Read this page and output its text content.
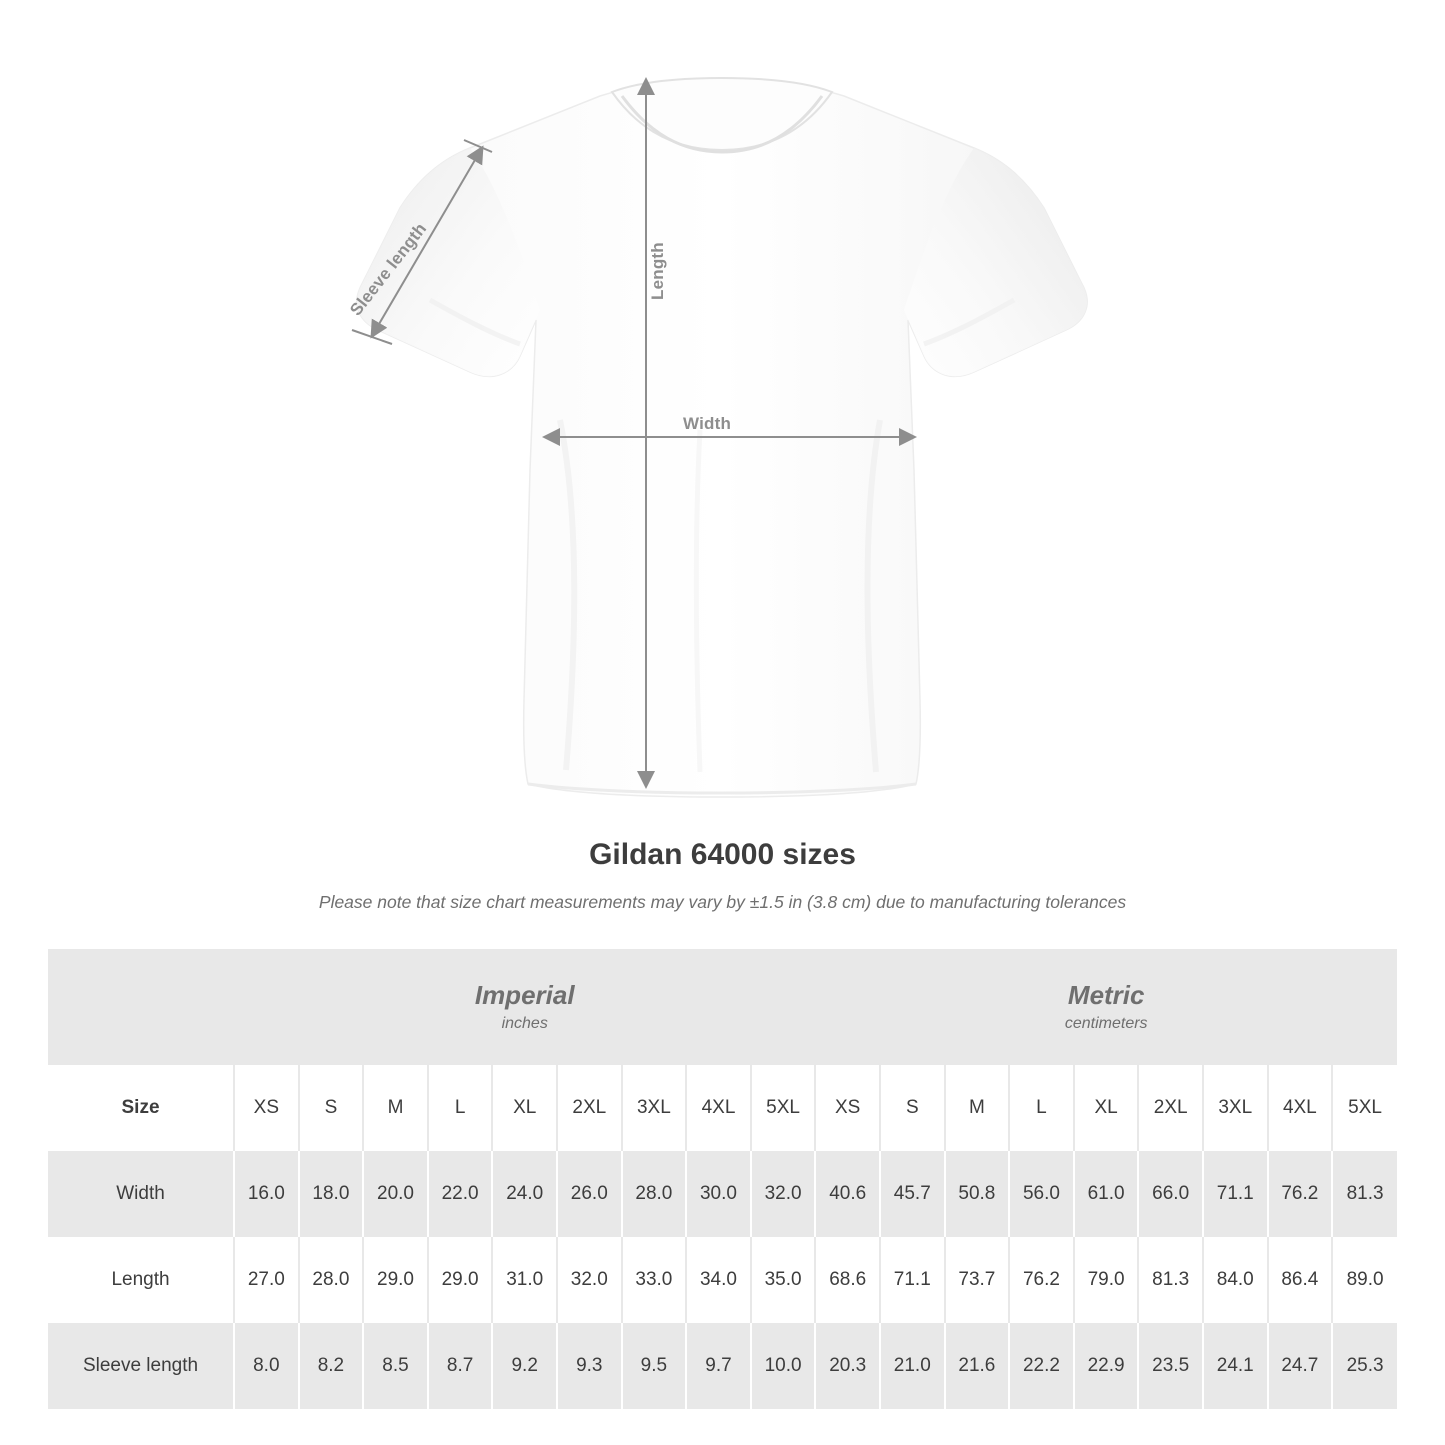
Sleeve length	Length
Width
Gildan 64000 sizes
Please note that size chart measurements may vary by ±1.5 in (3.8 cm) due to manufacturing tolerances

Imperial
inches

Metric
centimeters

Size	XS	S	M	L	XL	2XL	3XL	4XL	5XL	XS	S	M	L	XL	2XL	3XL	4XL	5XL
Width	16.0	18.0	20.0	22.0	24.0	26.0	28.0	30.0	32.0	40.6	45.7	50.8	56.0	61.0	66.0	71.1	76.2	81.3
Length	27.0	28.0	29.0	29.0	31.0	32.0	33.0	34.0	35.0	68.6	71.1	73.7	76.2	79.0	81.3	84.0	86.4	89.0
Sleeve length	8.0	8.2	8.5	8.7	9.2	9.3	9.5	9.7	10.0	20.3	21.0	21.6	22.2	22.9	23.5	24.1	24.7	25.3
